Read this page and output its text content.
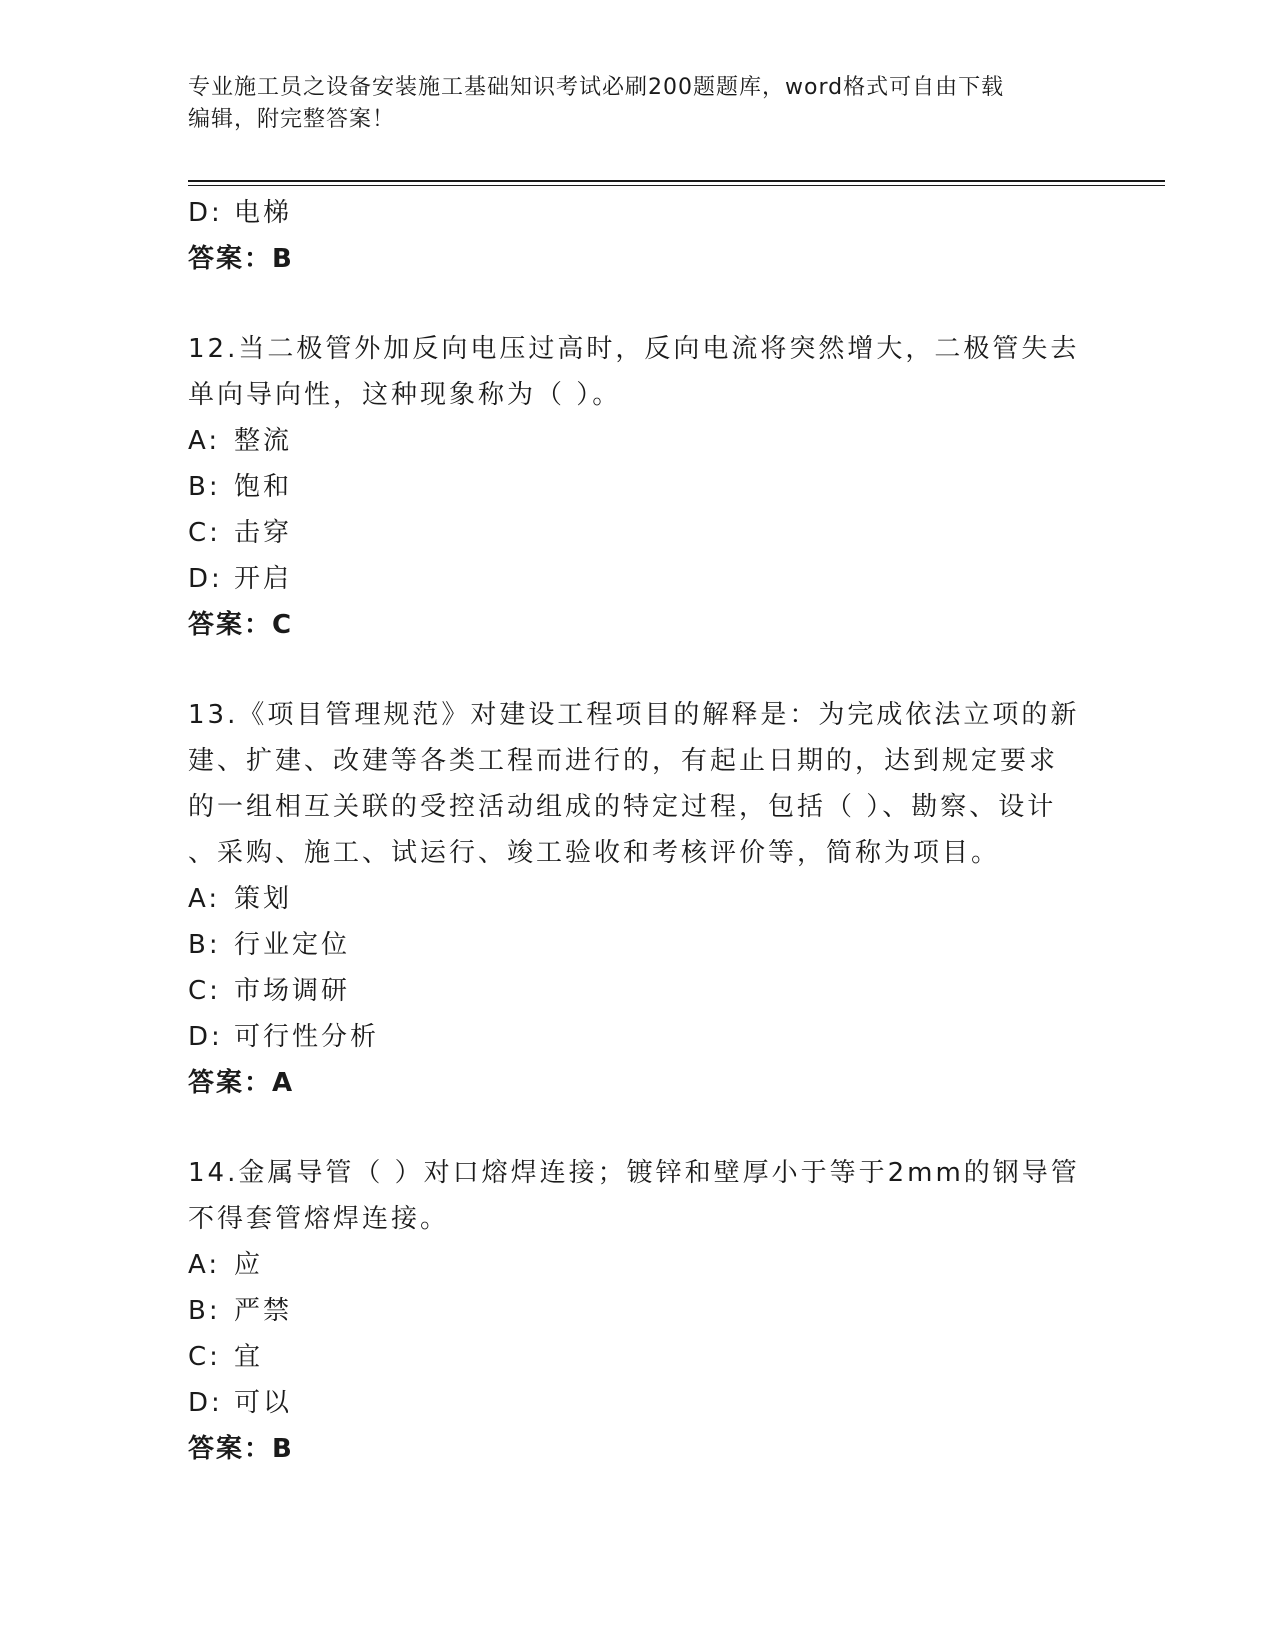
专业施工员之设备安装施工基础知识考试必刷200题题库，word格式可自由下载
编辑，附完整答案！
D: 电梯
答案：B
12.当二极管外加反向电压过高时，反向电流将突然增大，二极管失去
单向导向性，这种现象称为（ ）。
A: 整流
B: 饱和
C: 击穿
D: 开启
答案：C
13.《项目管理规范》对建设工程项目的解释是：为完成依法立项的新
建、扩建、改建等各类工程而进行的，有起止日期的，达到规定要求
的一组相互关联的受控活动组成的特定过程，包括（ ）、勘察、设计
、采购、施工、试运行、竣工验收和考核评价等，简称为项目。
A: 策划
B: 行业定位
C: 市场调研
D: 可行性分析
答案：A
14.金属导管（ ）对口熔焊连接；镀锌和壁厚小于等于2mm的钢导管
不得套管熔焊连接。
A: 应
B: 严禁
C: 宜
D: 可以
答案：B
